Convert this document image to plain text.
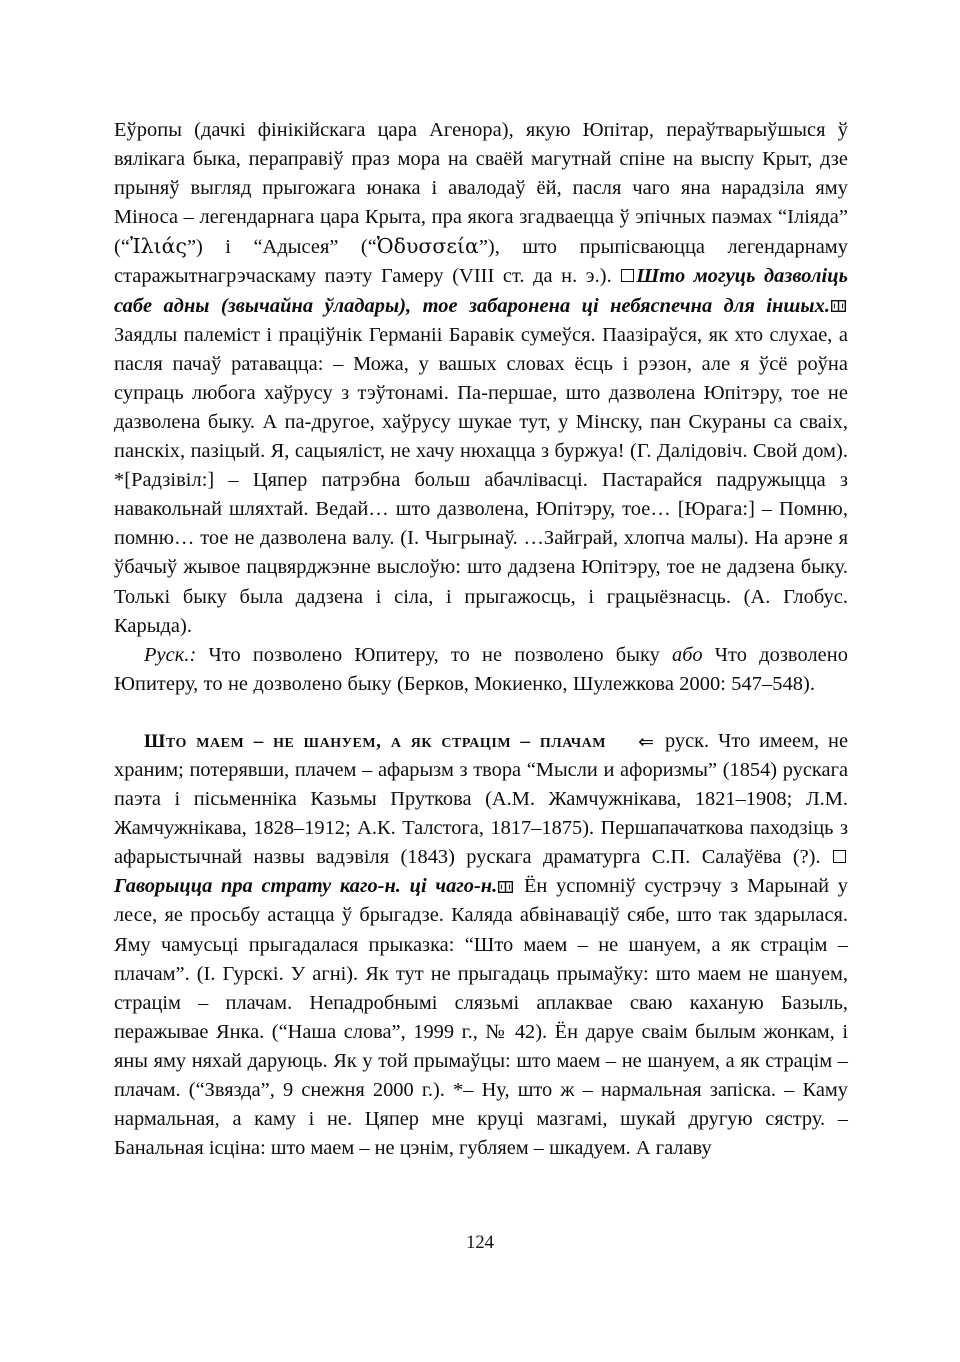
Еўропы (дачкі фінікійскага цара Агенора), якую Юпітар, пераўтварыўшыся ў вялікага быка, пераправіў праз мора на сваёй магутнай спіне на выспу Крыт, дзе прыняў выгляд прыгожага юнака і авалодаў ёй, пасля чаго яна нарадзіла яму Міноса – легендарнага цара Крыта, пра якога згадваецца ў эпічных паэмах “Іліяда” (“Ἰλιάς”) і “Адысея” (“Ὀδυσσεία”), што прыпісваюцца легендарнаму старажытнагрэчаскаму паэту Гамеру (VIII ст. да н. э.). Што могуць дазволіць сабе адны (звычайна ўладары), тое забаронена ці небяспечна для іншых.
Заядлы палеміст і праціўнік Германіі Баравік сумеўся. Паазіраўся, як хто слухае, а пасля пачаў ратавацца: – Можа, у вашых словах ёсць і рэзон, але я ўсё роўна супраць любога хаўрусу з тэўтонамі. Па-першае, што дазволена Юпітэру, тое не дазволена быку. А па-другое, хаўрусу шукае тут, у Мінску, пан Скураны са сваіх, панскіх, пазіцый. Я, сацыяліст, не хачу нюхацца з буржуа! (Г. Далідовіч. Свой дом). *[Радзівіл:] – Цяпер патрэбна больш абачлівасці. Пастарайся падружыцца з навакольнай шляхтай. Ведай… што дазволена, Юпітэру, тое… [Юрага:] – Помню, помню… тое не дазволена валу. (І. Чыгрынаў. …Зайграй, хлопча малы). На арэне я ўбачыў жывое пацвярджэнне выслоўю: што дадзена Юпітэру, тое не дадзена быку. Толькі быку была дадзена і сіла, і прыгажосць, і грацыёзнасць. (А. Глобус. Карыда).

Руск.: Что позволено Юпитеру, то не позволено быку або Что дозволено Юпитеру, то не дозволено быку (Берков, Мокиенко, Шулежкова 2000: 547–548).

Што маем – не шануем, а як страцім – плачам ⇐ руск. Что имеем, не храним; потерявши, плачем – афарызм з твора “Мысли и афоризмы” (1854) рускага паэта і пісьменніка Казьмы Пруткова (А.М. Жамчужнікава, 1821–1908; Л.М. Жамчужнікава, 1828–1912; А.К. Талстога, 1817–1875). Першапачаткова паходзіць з афарыстычнай назвы вадэвіля (1843) рускага драматурга С.П. Салаўёва (?). Гаворыцца пра страту каго-н. ці чаго-н.
Ён успомніў сустрэчу з Марынай у лесе, яе просьбу астацца ў брыгадзе. Каляда абвінаваціў сябе, што так здарылася. Яму чамусьці прыгадалася прыказка: “Што маем – не шануем, а як страцім – плачам”. (І. Гурскі. У агні). Як тут не прыгадаць прымаўку: што маем не шануем, страцім – плачам. Непадробнымі слязьмі аплаквае сваю каханую Базыль, перажывае Янка. (“Наша слова”, 1999 г., № 42). Ён даруе сваім былым жонкам, і яны яму няхай даруюць. Як у той прымаўцы: што маем – не шануем, а як страцім – плачам. (“Звязда”, 9 снежня 2000 г.). *– Ну, што ж – нармальная запіска. – Каму нармальная, а каму і не. Цяпер мне круці мазгамі, шукай другую сястру. – Банальная ісціна: што маем – не цэнім, губляем – шкадуем. А галаву

124
